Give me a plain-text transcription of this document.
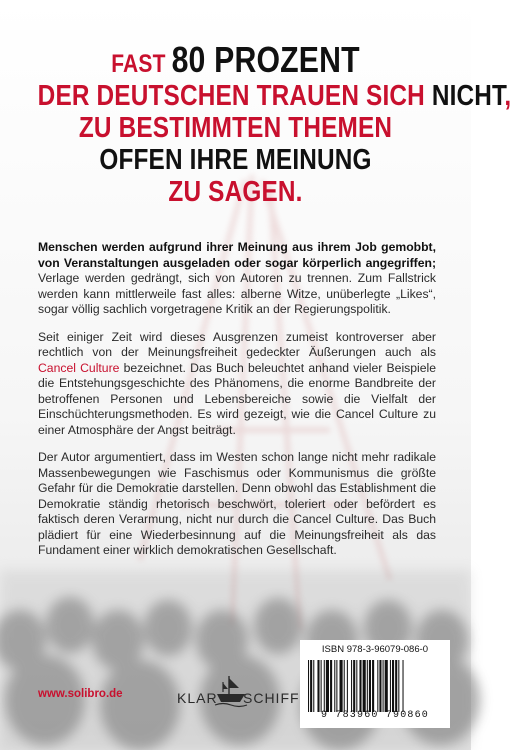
FAST 80 PROZENT
DER DEUTSCHEN TRAUEN SICH NICHT,
ZU BESTIMMTEN THEMEN
OFFEN IHRE MEINUNG
ZU SAGEN.

Menschen werden aufgrund ihrer Meinung aus ihrem Job gemobbt, von Veranstaltungen ausgeladen oder sogar körperlich angegriffen; Verlage werden gedrängt, sich von Autoren zu trennen. Zum Fallstrick werden kann mittlerweile fast alles: alberne Witze, unüberlegte „Likes“, sogar völlig sachlich vorgetragene Kritik an der Regierungspolitik.

Seit einiger Zeit wird dieses Ausgrenzen zumeist kontroverser aber rechtlich von der Meinungsfreiheit gedeckter Äußerungen auch als Cancel Culture bezeichnet. Das Buch beleuchtet anhand vieler Beispiele die Entstehungsgeschichte des Phänomens, die enorme Bandbreite der betroffenen Personen und Lebensbereiche sowie die Vielfalt der Einschüchterungsmethoden. Es wird gezeigt, wie die Cancel Culture zu einer Atmosphäre der Angst beiträgt.

Der Autor argumentiert, dass im Westen schon lange nicht mehr radikale Massenbewegungen wie Faschismus oder Kommunismus die größte Gefahr für die Demokratie darstellen. Denn obwohl das Establishment die Demokratie ständig rhetorisch beschwört, toleriert oder befördert es faktisch deren Verarmung, nicht nur durch die Cancel Culture. Das Buch plädiert für eine Wiederbesinnung auf die Meinungsfreiheit als das Fundament einer wirklich demokratischen Gesellschaft.

www.solibro.de	KLAR SCHIFF
ISBN 978-3-96079-086-0
9 783960 790860
